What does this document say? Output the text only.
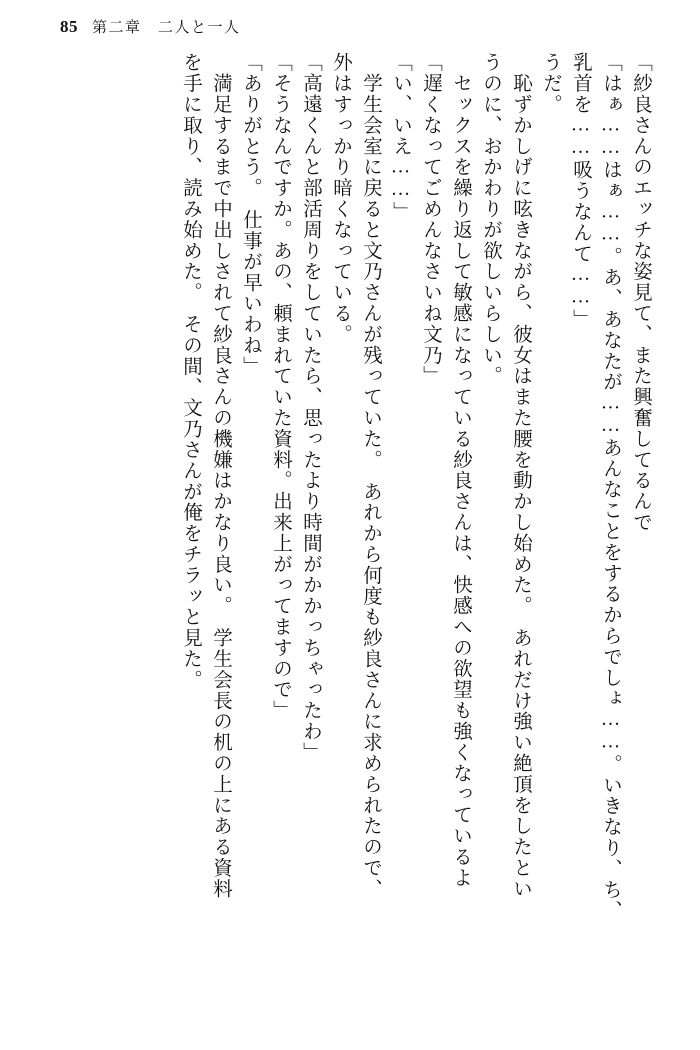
85 第二章　二人と一人
「紗良さんのエッチな姿見て、また興奮してるんで
「はぁ……はぁ……。あ、あなたが……あんなことをするからでしょ……。いきなり、ち、
乳首を……吸うなんて……」
うだ。
　恥ずかしげに呟きながら、彼女はまた腰を動かし始めた。　あれだけ強い絶頂をしたとい
うのに、おかわりが欲しいらしい。
　セックスを繰り返して敏感になっている紗良さんは、快感への欲望も強くなっているよ
「遅くなってごめんなさいね文乃」
「い、いえ……」
　学生会室に戻ると文乃さんが残っていた。　あれから何度も紗良さんに求められたので、
外はすっかり暗くなっている。
「高遠くんと部活周りをしていたら、思ったより時間がかかっちゃったわ」
「そうなんですか。あの、頼まれていた資料。出来上がってますので」
「ありがとう。　仕事が早いわね」
　満足するまで中出しされて紗良さんの機嫌はかなり良い。　学生会長の机の上にある資料
を手に取り、読み始めた。　その間、文乃さんが俺をチラッと見た。
